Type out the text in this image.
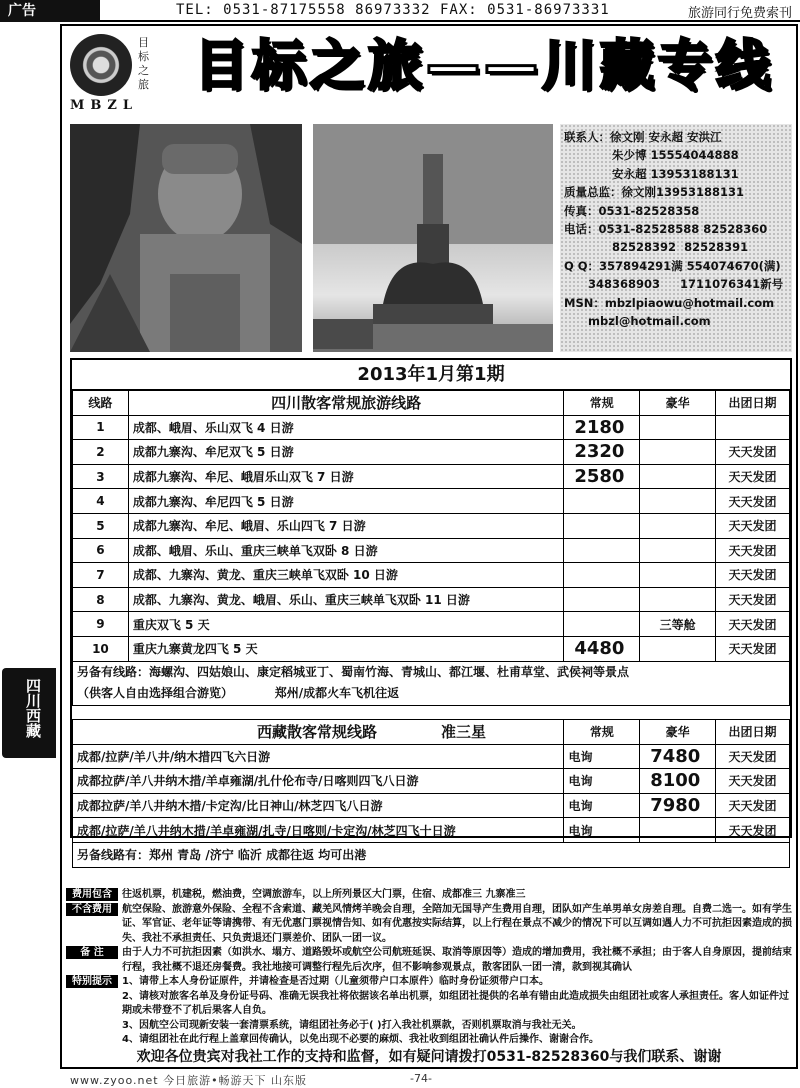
广告	TEL: 0531-87175558 86973332 FAX: 0531-86973331	旅游同行免费索刊
目标之旅
MBZL
目标之旅——川藏专线
联系人：徐文刚 安永超 安洪江
朱少博 15554044888
安永超 13953188131
质量总监：徐文刚13953188131
传真：0531-82528358
电话：0531-82528588 82528360
82528392  82528391
Q Q：357894291满 554074670(满)
348368903     1711076341新号
MSN：mbzlpiaowu@hotmail.com
mbzl@hotmail.com
2013年1月第1期
线路	四川散客常规旅游线路	常规	豪华	出团日期
1	成都、峨眉、乐山双飞 4 日游	2180		
2	成都九寨沟、牟尼双飞 5 日游	2320		天天发团
3	成都九寨沟、牟尼、峨眉乐山双飞 7 日游	2580		天天发团
4	成都九寨沟、牟尼四飞 5 日游			天天发团
5	成都九寨沟、牟尼、峨眉、乐山四飞 7 日游			天天发团
6	成都、峨眉、乐山、重庆三峡单飞双卧 8 日游			天天发团
7	成都、九寨沟、黄龙、重庆三峡单飞双卧 10 日游			天天发团
8	成都、九寨沟、黄龙、峨眉、乐山、重庆三峡单飞双卧 11 日游			天天发团
9	重庆双飞 5 天		三等舱	天天发团
10	重庆九寨黄龙四飞 5 天	4480		天天发团

另备有线路：海螺沟、四姑娘山、康定稻城亚丁、蜀南竹海、青城山、都江堰、杜甫草堂、武侯祠等景点
（供客人自由选择组合游览）          郑州/成都火车飞机往返				
西藏散客常规线路 准三星	常规	豪华	出团日期
成都/拉萨/羊八井/纳木措四飞六日游	电询	7480	天天发团
成都拉萨/羊八井纳木措/羊卓雍湖/扎什伦布寺/日喀则四飞八日游	电询	8100	天天发团
成都拉萨/羊八井纳木措/卡定沟/比日神山/林芝四飞八日游	电询	7980	天天发团
成都/拉萨/羊八井纳木措/羊卓雍湖/扎寺/日喀则/卡定沟/林芝四飞十日游	电询		天天发团
另备线路有：郑州 青岛 /济宁 临沂 成都往返 均可出港			
费用包含	往返机票，机建税，燃油费，空调旅游车，以上所列景区大门票，住宿、成都准三 九寨准三
不含费用	航空保险、旅游意外保险、全程不含索道、藏羌风情烤羊晚会自理，全陪加无国导产生费用自理，团队如产生单男单女房差自理。自费二选一。如有学生证、军官证、老年证等请携带、有无优惠门票视情告知、如有优惠按实际结算，以上行程在景点不减少的情况下可以互调如遇人力不可抗拒因素造成的损失、我社不承担责任、只负责退还门票差价、团队一团一议。
备 注	由于人力不可抗拒因素（如洪水、塌方、道路毁坏或航空公司航班延误、取消等原因等）造成的增加费用，我社概不承担；由于客人自身原因，提前结束行程，我社概不退还房餐费。我社地接可调整行程先后次序，但不影响参观景点，散客团队一团一清，款到视其确认
特别提示	1、请带上本人身份证原件，并请检查是否过期（儿童须带户口本原件）临时身份证须带户口本。
2、请核对旅客名单及身份证号码、准确无误我社将依据该名单出机票，如组团社提供的名单有错由此造成损失由组团社或客人承担责任。客人如证件过期或未带登不了机后果客人自负。
3、因航空公司现新安装一套清票系统，请组团社务必于( )打入我社机票款，否则机票取消与我社无关。
4、请组团社在此行程上盖章回传确认，以免出现不必要的麻烦、我社收到组团社确认件后操作、谢谢合作。
欢迎各位贵宾对我社工作的支持和监督，如有疑问请拨打0531-82528360与我们联系、谢谢
www.zyoo.net 今日旅游•畅游天下 山东版	-74-
四川西藏
